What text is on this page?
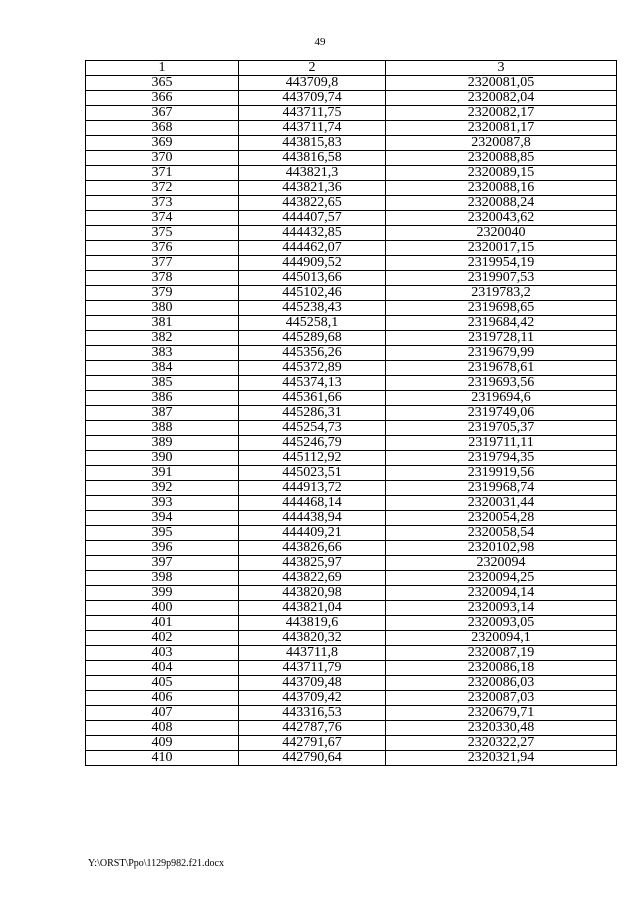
49
1	2	3
365	443709,8	2320081,05
366	443709,74	2320082,04
367	443711,75	2320082,17
368	443711,74	2320081,17
369	443815,83	2320087,8
370	443816,58	2320088,85
371	443821,3	2320089,15
372	443821,36	2320088,16
373	443822,65	2320088,24
374	444407,57	2320043,62
375	444432,85	2320040
376	444462,07	2320017,15
377	444909,52	2319954,19
378	445013,66	2319907,53
379	445102,46	2319783,2
380	445238,43	2319698,65
381	445258,1	2319684,42
382	445289,68	2319728,11
383	445356,26	2319679,99
384	445372,89	2319678,61
385	445374,13	2319693,56
386	445361,66	2319694,6
387	445286,31	2319749,06
388	445254,73	2319705,37
389	445246,79	2319711,11
390	445112,92	2319794,35
391	445023,51	2319919,56
392	444913,72	2319968,74
393	444468,14	2320031,44
394	444438,94	2320054,28
395	444409,21	2320058,54
396	443826,66	2320102,98
397	443825,97	2320094
398	443822,69	2320094,25
399	443820,98	2320094,14
400	443821,04	2320093,14
401	443819,6	2320093,05
402	443820,32	2320094,1
403	443711,8	2320087,19
404	443711,79	2320086,18
405	443709,48	2320086,03
406	443709,42	2320087,03
407	443316,53	2320679,71
408	442787,76	2320330,48
409	442791,67	2320322,27
410	442790,64	2320321,94
Y:\ORST\Ppo\1129p982.f21.docx
